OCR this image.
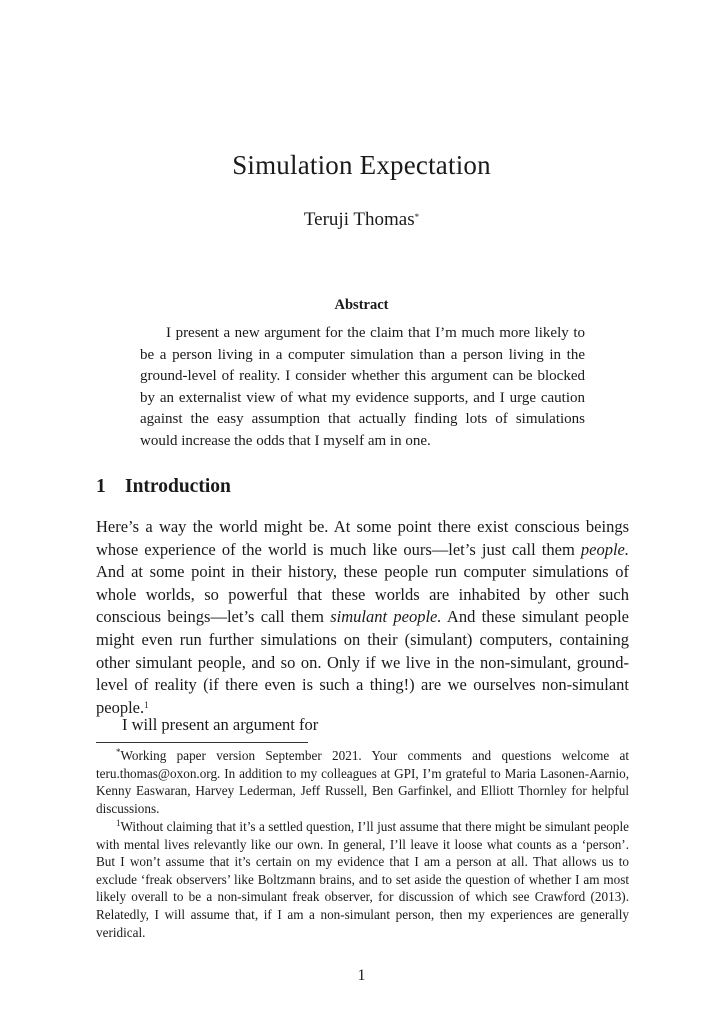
Simulation Expectation
Teruji Thomas*
Abstract

I present a new argument for the claim that I’m much more likely to be a person living in a computer simulation than a person living in the ground-level of reality. I consider whether this argument can be blocked by an externalist view of what my evidence supports, and I urge caution against the easy assumption that actually finding lots of simulations would increase the odds that I myself am in one.

1 Introduction

Here’s a way the world might be. At some point there exist conscious beings whose experience of the world is much like ours—let’s just call them people. And at some point in their history, these people run computer simulations of whole worlds, so powerful that these worlds are inhabited by other such conscious beings—let’s call them simulant people. And these simulant people might even run further simulations on their (simulant) computers, containing other simulant people, and so on. Only if we live in the non-simulant, ground-level of reality (if there even is such a thing!) are we ourselves non-simulant people.$^1$

I will present an argument for

*Working paper version September 2021. Your comments and questions welcome at teru.thomas@oxon.org. In addition to my colleagues at GPI, I’m grateful to Maria Lasonen-Aarnio, Kenny Easwaran, Harvey Lederman, Jeff Russell, Ben Garfinkel, and Elliott Thornley for helpful discussions.

$^1$Without claiming that it’s a settled question, I’ll just assume that there might be simulant people with mental lives relevantly like our own. In general, I’ll leave it loose what counts as a ‘person’. But I won’t assume that it’s certain on my evidence that I am a person at all. That allows us to exclude ‘freak observers’ like Boltzmann brains, and to set aside the question of whether I am most likely overall to be a non-simulant freak observer, for discussion of which see Crawford (2013). Relatedly, I will assume that, if I am a non-simulant person, then my experiences are generally veridical.

1
